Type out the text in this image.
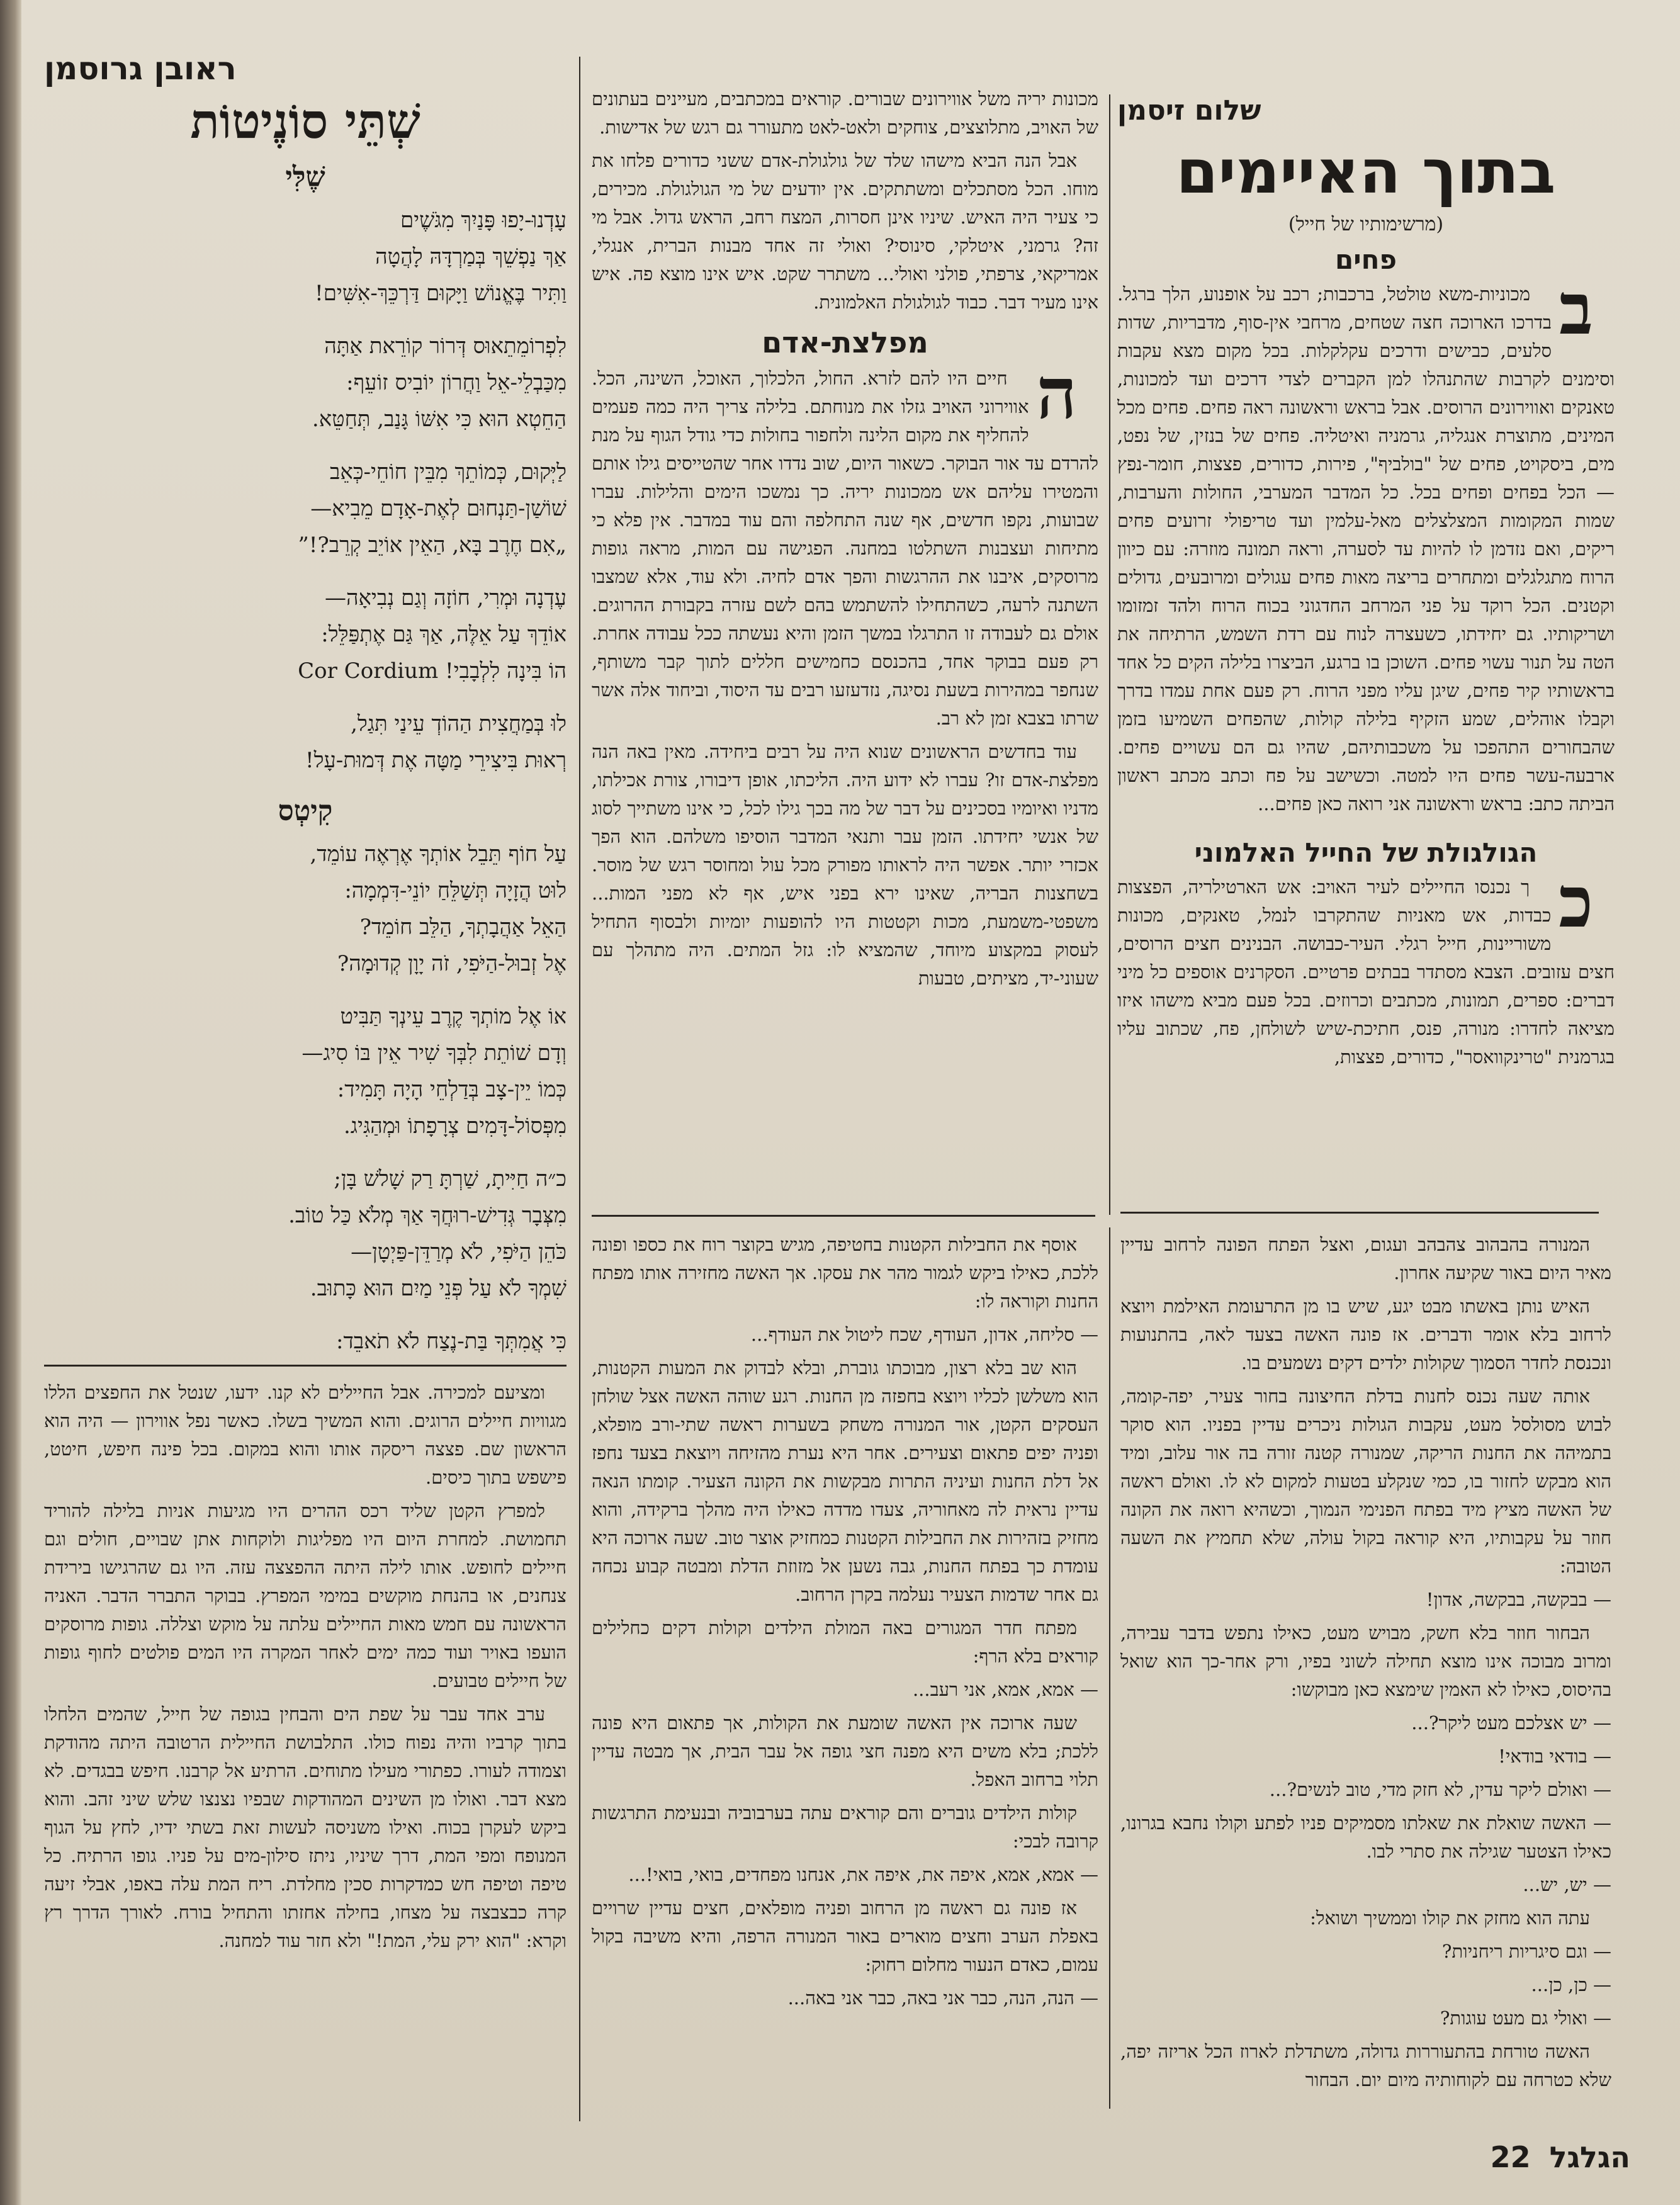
שלום זיסמן
בתוך האיימים
(מרשימותיו של חייל)
פחים

במכוניות-משא טולטל, ברכבות; רכב על אופנוע, הלך ברגל. בדרכו הארוכה חצה שטחים, מרחבי אין-סוף, מדבריות, שדות סלעים, כבישים ודרכים עקלקלות. בכל מקום מצא עקבות וסימנים לקרבות שהתנהלו למן הקברים לצדי דרכים ועד למכונות, טאנקים ואווירונים הרוסים. אבל בראש וראשונה ראה פחים. פחים מכל המינים, מתוצרת אנגליה, גרמניה ואיטליה. פחים של בנזין, של נפט, מים, ביסקויט, פחים של "בולביף", פירות, כדורים, פצצות, חומר-נפץ — הכל בפחים ופחים בכל. כל המדבר המערבי, החולות והערבות, שמות המקומות המצלצלים מאל-עלמין ועד טריפולי זרועים פחים ריקים, ואם נזדמן לו להיות עד לסערה, וראה תמונה מוזרה: עם כיוון הרוח מתגלגלים ומתחרים בריצה מאות פחים עגולים ומרובעים, גדולים וקטנים. הכל רוקד על פני המרחב החדגוני בכוח הרוח ולהד זמזומו ושריקותיו. גם יחידתו, כשעצרה לנוח עם רדת השמש, הרתיחה את הטה על תנור עשוי פחים. השוכן בו ברגע, הביצרו בלילה הקים כל אחד בראשותיו קיר פחים, שיגן עליו מפני הרוח. רק פעם אחת עמדו בדרך וקבלו אוהלים, שמע הזקיף בלילה קולות, שהפחים השמיעו בזמן שהבחורים התהפכו על משכבותיהם, שהיו גם הם עשויים פחים. ארבעה-עשר פחים היו למטה. וכשישב על פח וכתב מכתב ראשון הביתה כתב: בראש וראשונה אני רואה כאן פחים...

הגולגולת של החייל האלמוני

כך נכנסו החיילים לעיר האויב: אש הארטילריה, הפצצות כבדות, אש מאניות שהתקרבו לנמל, טאנקים, מכונות משוריינות, חייל רגלי. העיר-כבושה. הבנינים חצים הרוסים, חצים עזובים. הצבא מסתדר בבתים פרטיים. הסקרנים אוספים כל מיני דברים: ספרים, תמונות, מכתבים וכרוזים. בכל פעם מביא מישהו איזו מציאה לחדרו: מנורה, פנס, חתיכת-שיש לשולחן, פח, שכתוב עליו בגרמנית "טרינקוואסר", כדורים, פצצות,

מכונות יריה משל אווירונים שבורים. קוראים במכתבים, מעיינים בעתונים של האויב, מתלוצצים, צוחקים ולאט-לאט מתעורר גם רגש של אדישות.

אבל הנה הביא מישהו שלד של גולגולת-אדם ששני כדורים פלחו את מוחו. הכל מסתכלים ומשתתקים. אין יודעים של מי הגולגולת. מכירים, כי צעיר היה האיש. שיניו אינן חסרות, המצח רחב, הראש גדול. אבל מי זה? גרמני, איטלקי, סינוסי? ואולי זה אחד מבנות הברית, אנגלי, אמריקאי, צרפתי, פולני ואולי... משתרר שקט. איש אינו מוצא פה. איש אינו מעיר דבר. כבוד לגולגולת האלמונית.

מפלצת-אדם

החיים היו להם לזרא. החול, הלכלוך, האוכל, השינה, הכל. אווירוני האויב גזלו את מנוחתם. בלילה צריך היה כמה פעמים להחליף את מקום הלינה ולחפור בחולות כדי גודל הגוף על מנת להרדם עד אור הבוקר. כשאור היום, שוב נדדו אחר שהטייסים גילו אותם והמטירו עליהם אש ממכונות יריה. כך נמשכו הימים והלילות. עברו שבועות, נקפו חדשים, אף שנה התחלפה והם עוד במדבר. אין פלא כי מתיחות ועצבנות השתלטו במחנה. הפגישה עם המות, מראה גופות מרוסקים, איבנו את ההרגשות והפך אדם לחיה. ולא עוד, אלא שמצבו השתנה לרעה, כשהתחילו להשתמש בהם לשם עזרה בקבורת ההרוגים. אולם גם לעבודה זו התרגלו במשך הזמן והיא נעשתה ככל עבודה אחרת. רק פעם בבוקר אחד, בהכנסם כחמישים חללים לתוך קבר משותף, שנחפר במהירות בשעת נסיגה, נזדעזעו רבים עד היסוד, וביחוד אלה אשר שרתו בצבא זמן לא רב.

עוד בחדשים הראשונים שנוא היה על רבים ביחידה. מאין באה הנה מפלצת-אדם זו? עברו לא ידוע היה. הליכתו, אופן דיבורו, צורת אכילתו, מדניו ואיומיו בסכינים על דבר של מה בכך גילו לכל, כי אינו משתייך לסוג של אנשי יחידתו. הזמן עבר ותנאי המדבר הוסיפו משלהם. הוא הפך אכזרי יותר. אפשר היה לראותו מפורק מכל עול ומחוסר רגש של מוסר. בשחצנות הבריה, שאינו ירא בפני איש, אף לא מפני המות... משפטי-משמעת, מכות וקטטות היו להופעות יומיות ולבסוף התחיל לעסוק במקצוע מיוחד, שהמציא לו: גזל המתים. היה מתהלך עם שעוני-יד, מציתים, טבעות

ראובן גרוסמן
שְׁתֵּי סוֹנֶיטוֹת
שֶׁלִּי
עָדְנוּ-יָפוּ פָּנַיִךְ מִגֹּשֶׁים
אַךְ נַפְשֵׁךְ בְּמַרְדָּהּ לָהֲטָה
וַתִּיר בֶּאֱנוֹשׁ וַיָּקוּם דַּרְכֵּךְ-אִשִּׁים!
לִפְרוֹמֵתֵאוּס דְּרוֹר קוֹרֵאת אַתָּה
מִכַּבְלֵי-אֵל וַחֲרוֹן יוֹבִיס זוֹעֵף:
הַחֵטְא הוּא כִּי אִשּׁוֹ גָּנַב, תְּחַטֵּא.
לַיְּקוּם, כְּמוֹתֵךְ מִבֵּין חוֹחֵי-כְּאֵב
שׁוֹשַׁן-תַּנְחוּם לְאֶת-אָדָם מֵבִיא—
„אִם חֶרֶב בָּא, הַאֵין אוֹיֵב קְרֵב?!”
עֶדְנָה וּמְרִי, חוֹזָה וְגַם נְבִיאָה—
אוֹדֵךְ עַל אֵלֶּה, אַךְ גַּם אֶתְפַּלֵּל:
הוֹ בִּינָה לִלְבָבִי! Cor Cordium
לוּ בְּמַחֲצִית הַהוֹדְ עֵינַי תִּגַל,
רְאוּת בִּיצִירֵי מַטָּה אֶת דְּמוּת-עָל!
קִיטְס
עַל חוֹף תֵּבֵל אוֹתְךָ אֶרְאֶה עוֹמֵד,
לוּט הֲזָיָה תְּשַׁלֵּחַ יוֹנֵי-דִּמְמָה:
הַאֵל אַהֲבָתְךָ, הַלֵּב חוֹמֵד?
אֶל זְבוּל-הַיֹּפִי, זֹה יָוָן קְדוּמָה?
אוֹ אֶל מוֹתְךָ קֶרֶב עֵינְךָ תַּבִּיט
וְדָם שׁוֹתֵת לִבְּךָ שִׁיר אֵין בּוֹ סִיג—
כְּמוֹ יֵין-צָב בְּדַלְחֵי הָיָה תָּמִיד:
מִפְּסוֹל-דָּמִים צְרָפָתוֹ וּמְהַגִּיג.
כ״ה חַיִּיתָ, שַׁרְתָּ רַק שָׁלשׁ בָּן;
מִצְּבָר גְּדִישׁ-רוּחֲךָ אַךְ מְלֹא כַּל טוֹב.
כֹּהֵן הַיֹּפִי, לֹא מְרַדֵּן-פַּיְטָן—
שִׁמְךָ לֹא עַל פְּנֵי מַיִם הוּא כָּתוּב.
כִּי אֲמִתְּךָ בַּת-נֶצַח לֹא תֹאבֵד:

המנורה בהבהוב צהבהב ועגום, ואצל הפתח הפונה לרחוב עדיין מאיר היום באור שקיעה אחרון.

האיש נותן באשתו מבט יגע, שיש בו מן התרעומת האילמת ויוצא לרחוב בלא אומר ודברים. אז פונה האשה בצעד לאה, בהתנועות ונכנסת לחדר הסמוך שקולות ילדים דקים נשמעים בו.

אותה שעה נכנס לחנות בדלת החיצונה בחור צעיר, יפה-קומה, לבוש מסולסל מעט, עקבות הגולות ניכרים עדיין בפניו. הוא סוקר בתמיהה את החנות הריקה, שמנורה קטנה זורה בה אור עלוב, ומיד הוא מבקש לחזור בו, כמי שנקלע בטעות למקום לא לו. ואולם ראשה של האשה מציץ מיד בפתח הפנימי הנמוך, וכשהיא רואה את הקונה חוזר על עקבותיו, היא קוראה בקול עולה, שלא תחמיץ את השעה הטובה:

— בבקשה, בבקשה, אדון!

הבחור חוזר בלא חשק, מבויש מעט, כאילו נתפש בדבר עבירה, ומרוב מבוכה אינו מוצא תחילה לשוני בפיו, ורק אחר-כך הוא שואל בהיסוס, כאילו לא האמין שימצא כאן מבוקשו:

— יש אצלכם מעט ליקר?...

— בודאי בודאי!

— ואולם ליקר עדין, לא חזק מדי, טוב לנשים?...

— האשה שואלת את שאלתו מסמיקים פניו לפתע וקולו נחבא בגרונו, כאילו הצטער שגילה את סתרי לבו.

— יש, יש...

עתה הוא מחזק את קולו וממשיך ושואל:

— וגם סיגריות ריחניות?

— כן, כן...

— ואולי גם מעט עוגות?

האשה טורחת בהתעוררות גדולה, משתדלת לארוז הכל אריזה יפה, שלא כטרחה עם לקוחותיה מיום יום. הבחור

אוסף את החבילות הקטנות בחטיפה, מגיש בקוצר רוח את כספו ופונה ללכת, כאילו ביקש לגמור מהר את עסקו. אך האשה מחזירה אותו מפתח החנות וקוראה לו:

— סליחה, אדון, העודף, שכח ליטול את העודף...

הוא שב בלא רצון, מבוכתו גוברת, ובלא לבדוק את המעות הקטנות, הוא משלשן לכליו ויוצא בחפזה מן החנות. רגע שוהה האשה אצל שולחן העסקים הקטן, אור המנורה משחק בשערות ראשה שתי-ורב מופלא, ופניה יפים פתאום וצעירים. אחר היא נערת מהזיחה ויוצאת בצעד נחפז אל דלת החנות ועיניה התרות מבקשות את הקונה הצעיר. קומתו הנאה עדיין נראית לה מאחוריה, צעדו מדדה כאילו היה מהלך ברקידה, והוא מחזיק בזהירות את החבילות הקטנות כמחזיק אוצר טוב. שעה ארוכה היא עומדת כך בפתח החנות, גבה נשען אל מזוזת הדלת ומבטה קבוע נכחה גם אחר שדמות הצעיר נעלמה בקרן הרחוב.

מפתח חדר המגורים באה המולת הילדים וקולות דקים כחלילים קוראים בלא הרף:

— אמא, אמא, אני רעב...

שעה ארוכה אין האשה שומעת את הקולות, אך פתאום היא פונה ללכת; בלא משים היא מפנה חצי גופה אל עבר הבית, אך מבטה עדיין תלוי ברחוב האפל.

קולות הילדים גוברים והם קוראים עתה בערבוביה ובנעימת התרגשות קרובה לבכי:

— אמא, אמא, איפה את, איפה את, אנחנו מפחדים, בואי, בואי!...

אז פונה גם ראשה מן הרחוב ופניה מופלאים, חצים עדיין שרויים באפלת הערב וחצים מוארים באור המנורה הרפה, והיא משיבה בקול עמום, כאדם הנעור מחלום רחוק:

— הנה, הנה, כבר אני באה, כבר אני באה...

ומציעם למכירה. אבל החיילים לא קנו. ידעו, שנטל את החפצים הללו מגוויות חיילים הרוגים. והוא המשיך בשלו. כאשר נפל אווירון — היה הוא הראשון שם. פצצה ריסקה אותו והוא במקום. בכל פינה חיפש, חיטט, פישפש בתוך כיסים.

למפרץ הקטן שליד רכס ההרים היו מגיעות אניות בלילה להוריד תחמושת. למחרת היום היו מפליגות ולוקחות אתן שבויים, חולים וגם חיילים לחופש. אותו לילה היתה ההפצצה עזה. היו גם שהרגישו בירידת צנחנים, או בהנחת מוקשים במימי המפרץ. בבוקר התברר הדבר. האניה הראשונה עם חמש מאות החיילים עלתה על מוקש וצללה. גופות מרוסקים הועפו באויר ועוד כמה ימים לאחר המקרה היו המים פולטים לחוף גופות של חיילים טבועים.

ערב אחד עבר על שפת הים והבחין בגופה של חייל, שהמים הלחלו בתוך קרביו והיה נפוח כולו. התלבושת החיילית הרטובה היתה מהודקת וצמודה לעורו. כפתורי מעילו מתוחים. הרתיע אל קרבנו. חיפש בבגדים. לא מצא דבר. ואולו מן השינים המהודקות שבפיו נצנצו שלש שיני זהב. והוא ביקש לעקרן בכוח. ואילו משניסה לעשות זאת בשתי ידיו, לחץ על הגוף המנופח ומפי המת, דרך שיניו, ניתז סילון-מים על פניו. גופו הרתיח. כל טיפה וטיפה חש כמדקרות סכין מחלדת. ריח המת עלה באפו, אבלי זיעה קרה כבצבצה על מצחו, בחילה אחזתו והתחיל בורח. לאורך הדרך רץ וקרא: "הוא ירק עלי, המת!" ולא חזר עוד למחנה.

הגלגל 22
